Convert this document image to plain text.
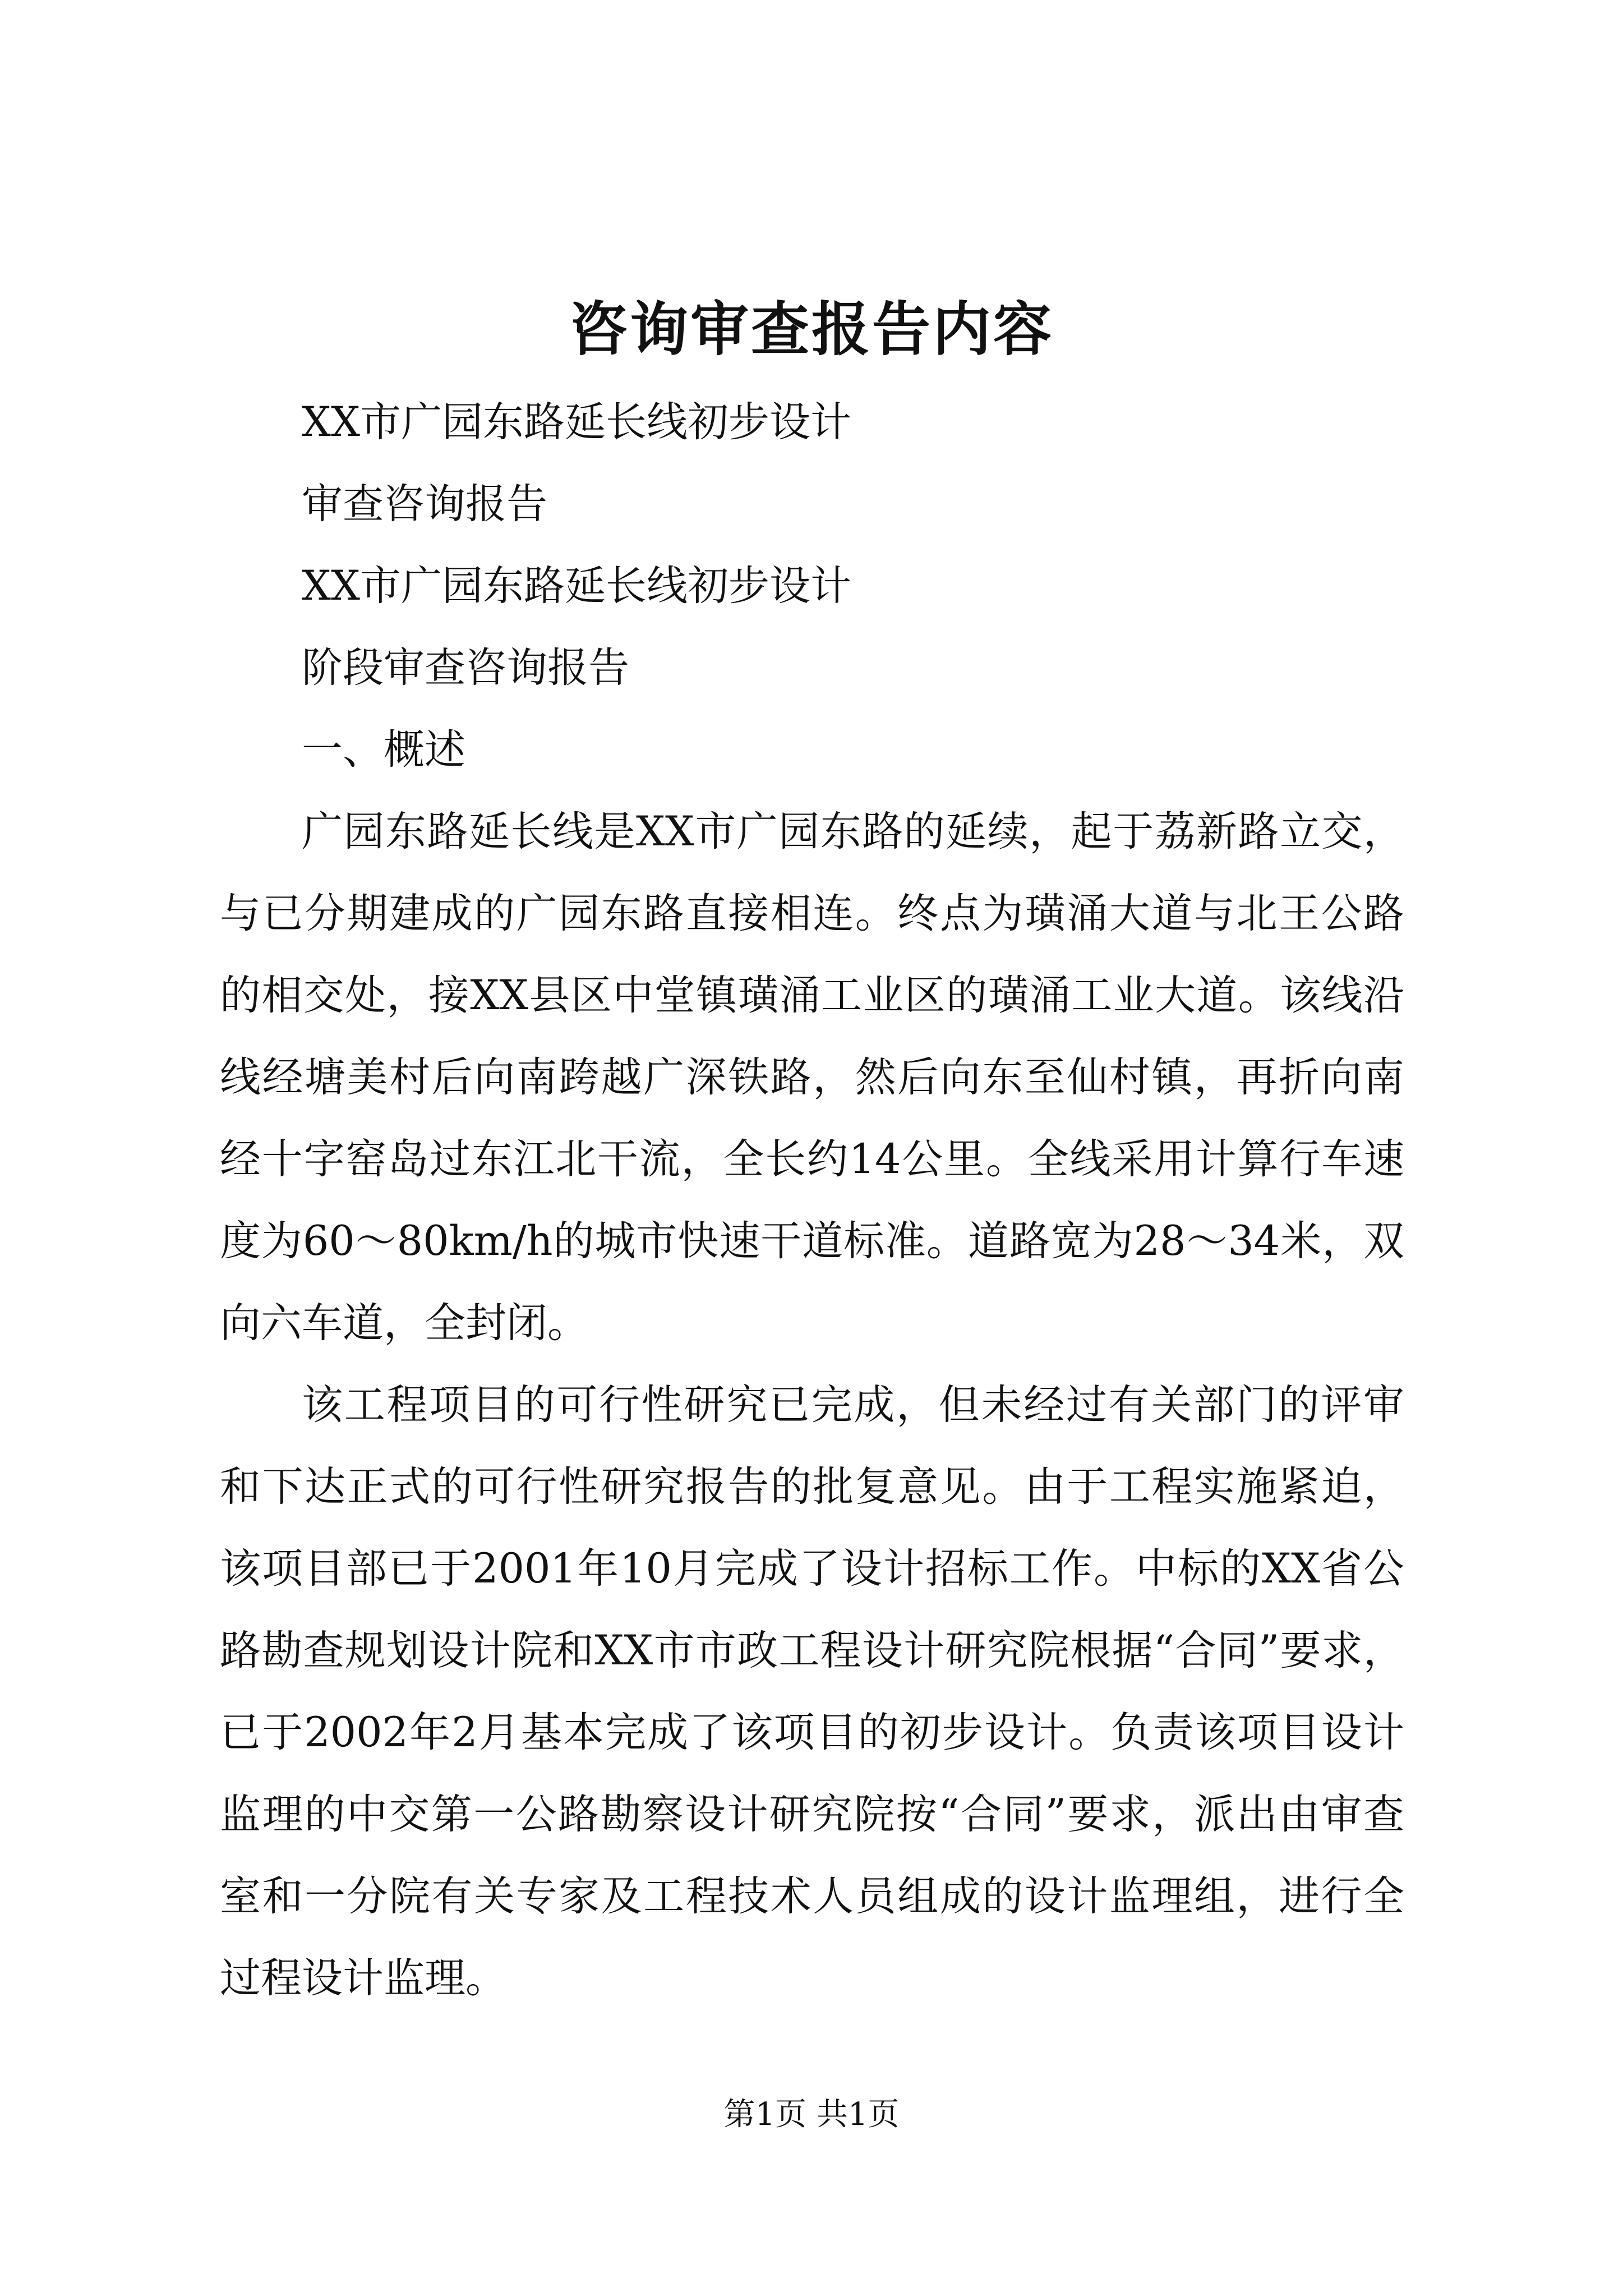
咨询审查报告内容

XX市广园东路延长线初步设计

审查咨询报告

XX市广园东路延长线初步设计

阶段审查咨询报告

一、概述

广园东路延长线是XX市广园东路的延续，起于荔新路立交，与已分期建成的广园东路直接相连。终点为璜涌大道与北王公路的相交处，接XX县区中堂镇璜涌工业区的璜涌工业大道。该线沿线经塘美村后向南跨越广深铁路，然后向东至仙村镇，再折向南经十字窑岛过东江北干流，全长约14公里。全线采用计算行车速度为60～80km/h的城市快速干道标准。道路宽为28～34米，双向六车道，全封闭。

该工程项目的可行性研究已完成，但未经过有关部门的评审和下达正式的可行性研究报告的批复意见。由于工程实施紧迫，该项目部已于2001年10月完成了设计招标工作。中标的XX省公路勘查规划设计院和XX市市政工程设计研究院根据“合同”要求，已于2002年2月基本完成了该项目的初步设计。负责该项目设计监理的中交第一公路勘察设计研究院按“合同”要求，派出由审查室和一分院有关专家及工程技术人员组成的设计监理组，进行全过程设计监理。

第1页 共1页
